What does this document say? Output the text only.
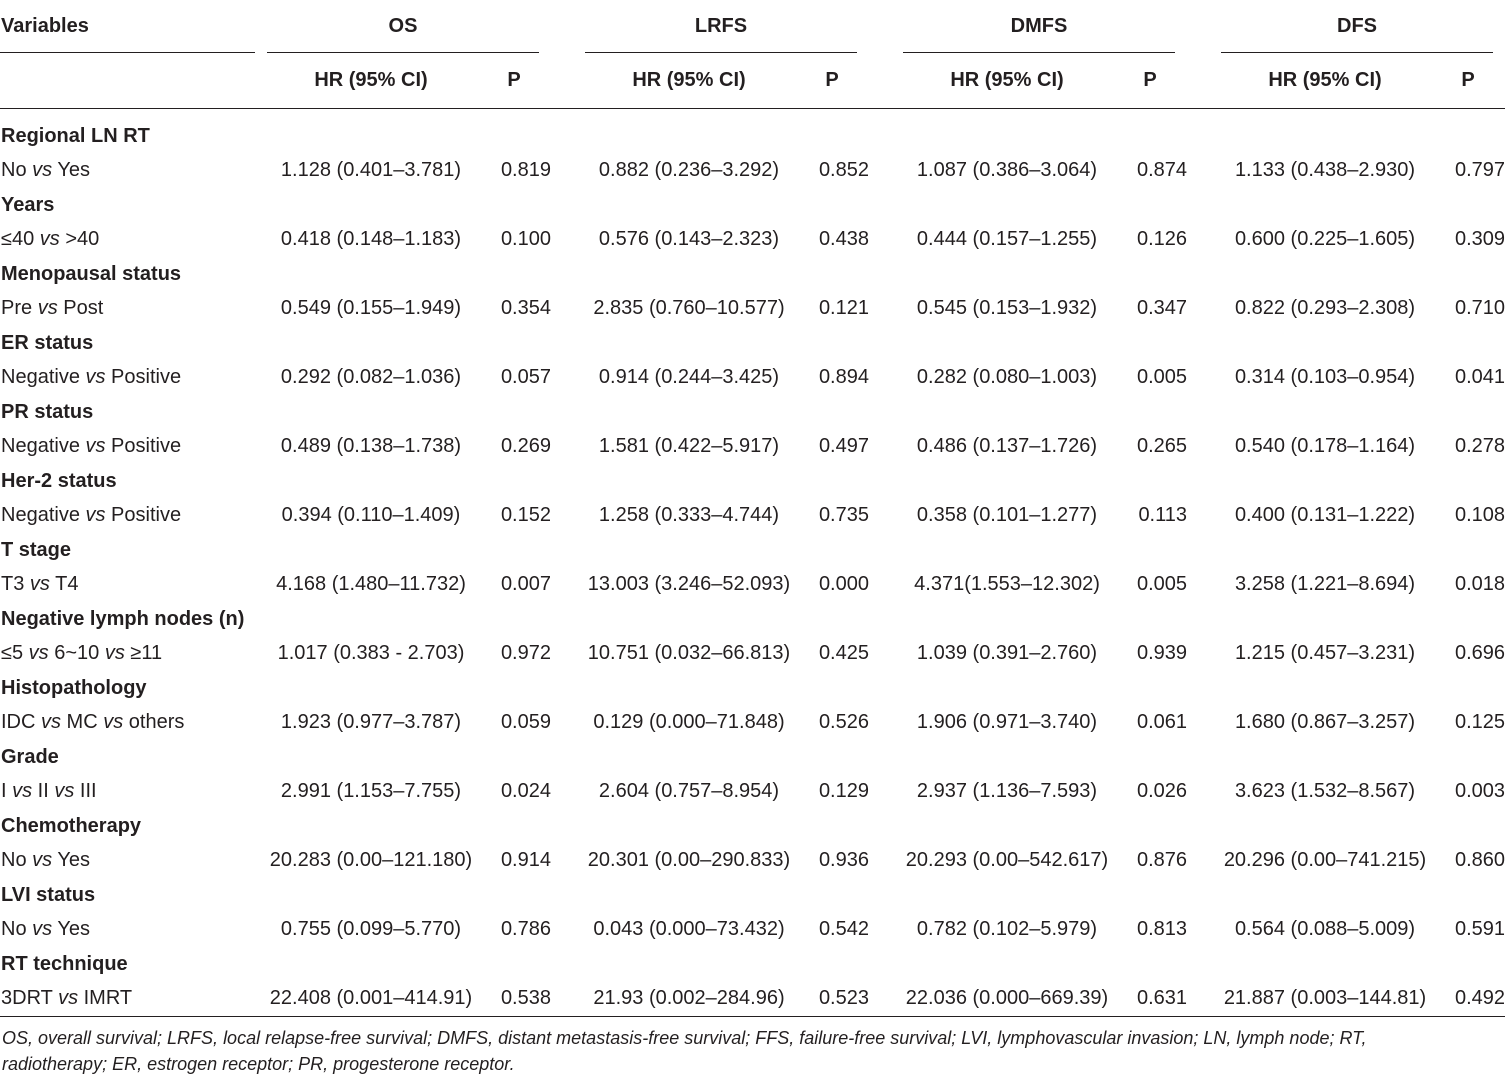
Variables	OS			LRFS			DMFS			DFS	
	HR (95% CI)	P		HR (95% CI)	P		HR (95% CI)	P		HR (95% CI)	P
Regional LN RT											
No vs Yes	1.128 (0.401–3.781)	0.819		0.882 (0.236–3.292)	0.852		1.087 (0.386–3.064)	0.874		1.133 (0.438–2.930)	0.797
Years											
≤40 vs >40	0.418 (0.148–1.183)	0.100		0.576 (0.143–2.323)	0.438		0.444 (0.157–1.255)	0.126		0.600 (0.225–1.605)	0.309
Menopausal status											
Pre vs Post	0.549 (0.155–1.949)	0.354		2.835 (0.760–10.577)	0.121		0.545 (0.153–1.932)	0.347		0.822 (0.293–2.308)	0.710
ER status											
Negative vs Positive	0.292 (0.082–1.036)	0.057		0.914 (0.244–3.425)	0.894		0.282 (0.080–1.003)	0.005		0.314 (0.103–0.954)	0.041
PR status											
Negative vs Positive	0.489 (0.138–1.738)	0.269		1.581 (0.422–5.917)	0.497		0.486 (0.137–1.726)	0.265		0.540 (0.178–1.164)	0.278
Her-2 status											
Negative vs Positive	0.394 (0.110–1.409)	0.152		1.258 (0.333–4.744)	0.735		0.358 (0.101–1.277)	0.113		0.400 (0.131–1.222)	0.108
T stage											
T3 vs T4	4.168 (1.480–11.732)	0.007		13.003 (3.246–52.093)	0.000		4.371(1.553–12.302)	0.005		3.258 (1.221–8.694)	0.018
Negative lymph nodes (n)											
≤5 vs 6~10 vs ≥11	1.017 (0.383 - 2.703)	0.972		10.751 (0.032–66.813)	0.425		1.039 (0.391–2.760)	0.939		1.215 (0.457–3.231)	0.696
Histopathology											
IDC vs MC vs others	1.923 (0.977–3.787)	0.059		0.129 (0.000–71.848)	0.526		1.906 (0.971–3.740)	0.061		1.680 (0.867–3.257)	0.125
Grade											
I vs II vs III	2.991 (1.153–7.755)	0.024		2.604 (0.757–8.954)	0.129		2.937 (1.136–7.593)	0.026		3.623 (1.532–8.567)	0.003
Chemotherapy											
No vs Yes	20.283 (0.00–121.180)	0.914		20.301 (0.00–290.833)	0.936		20.293 (0.00–542.617)	0.876		20.296 (0.00–741.215)	0.860
LVI status											
No vs Yes	0.755 (0.099–5.770)	0.786		0.043 (0.000–73.432)	0.542		0.782 (0.102–5.979)	0.813		0.564 (0.088–5.009)	0.591
RT technique											
3DRT vs IMRT	22.408 (0.001–414.91)	0.538		21.93 (0.002–284.96)	0.523		22.036 (0.000–669.39)	0.631		21.887 (0.003–144.81)	0.492
OS, overall survival; LRFS, local relapse-free survival; DMFS, distant metastasis-free survival; FFS, failure-free survival; LVI, lymphovascular invasion; LN, lymph node; RT, radiotherapy; ER, estrogen receptor; PR, progesterone receptor.
